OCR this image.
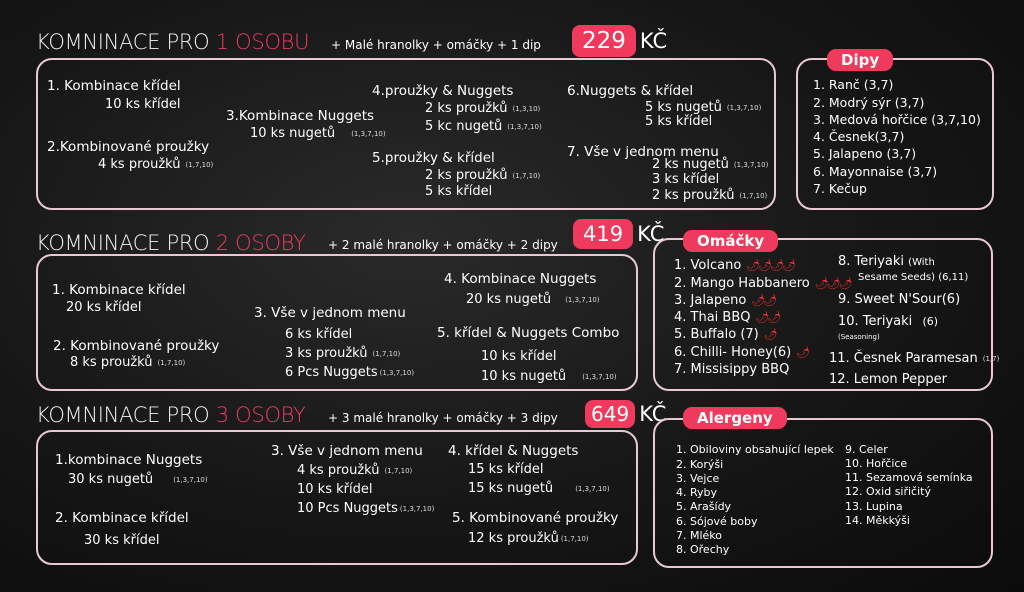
KOMNINACE PRO 1 OSOBU + Malé hranolky + omáčky + 1 dip	229 KČ
1. Kombinace křídel
10 ks křídel
2.Kombinované proužky
4 ks proužků (1,7,10)
3.Kombinace Nuggets
10 ks nugetů (1,3,7,10)
4.proužky & Nuggets
2 ks proužků (1,3,10)
5 kc nugetů (1,3,7,10)
5.proužky & křídel
2 ks proužků (1,7,10)
5 ks křídel
6.Nuggets & křídel
5 ks nugetů (1,3,7,10)
5 ks křídel
7. Vše v jednom menu
2 ks nugetů (1,3,7,10)
3 ks křídel
2 ks proužků (1,7,10)
Dipy
1. Ranč (3,7)
2. Modrý sýr (3,7)
3. Medová hořčice (3,7,10)
4. Česnek(3,7)
5. Jalapeno (3,7)
6. Mayonnaise (3,7)
7. Kečup
KOMNINACE PRO 2 OSOBY + 2 malé hranolky + omáčky + 2 dipy	419 KČ
1. Kombinace křídel
20 ks křídel
2. Kombinované proužky
8 ks proužků (1,7,10)
3. Vše v jednom menu
6 ks křídel
3 ks proužků (1,7,10)
6 Pcs Nuggets (1,3,7,10)
4. Kombinace Nuggets
20 ks nugetů (1,3,7,10)
5. křídel & Nuggets Combo
10 ks křídel
10 ks nugetů (1,3,7,10)
Omáčky
1. Volcano 🌶🌶🌶🌶
2. Mango Habbanero 🌶🌶🌶
3. Jalapeno 🌶🌶
4. Thai BBQ 🌶🌶
5. Buffalo (7) 🌶
6. Chilli- Honey(6) 🌶
7. Missisippy BBQ
8. Teriyaki (With
Sesame Seeds) (6,11)
9. Sweet N'Sour(6)
10. Teriyaki (6)
(Seasoning)
11. Česnek Paramesan (1,7)
12. Lemon Pepper
KOMNINACE PRO 3 OSOBY + 3 malé hranolky + omáčky + 3 dipy	649 KČ
1.kombinace Nuggets
30 ks nugetů	(1,3,7,10)
2. Kombinace křídel
30 ks křídel
3. Vše v jednom menu
4 ks proužků (1,7,10)
10 ks křídel
10 Pcs Nuggets (1,3,7,10)
4. křídel & Nuggets
15 ks křídel
15 ks nugetů	(1,3,7,10)
5. Kombinované proužky
12 ks proužků (1,7,10)
Alergeny
1. Obiloviny obsahující lepek
2. Korýši
3. Vejce
4. Ryby
5. Arašídy
6. Sójové boby
7. Mléko
8. Ořechy
9. Celer
10. Hořčice
11. Sezamová semínka
12. Oxid siřičitý
13. Lupina
14. Měkkýši
